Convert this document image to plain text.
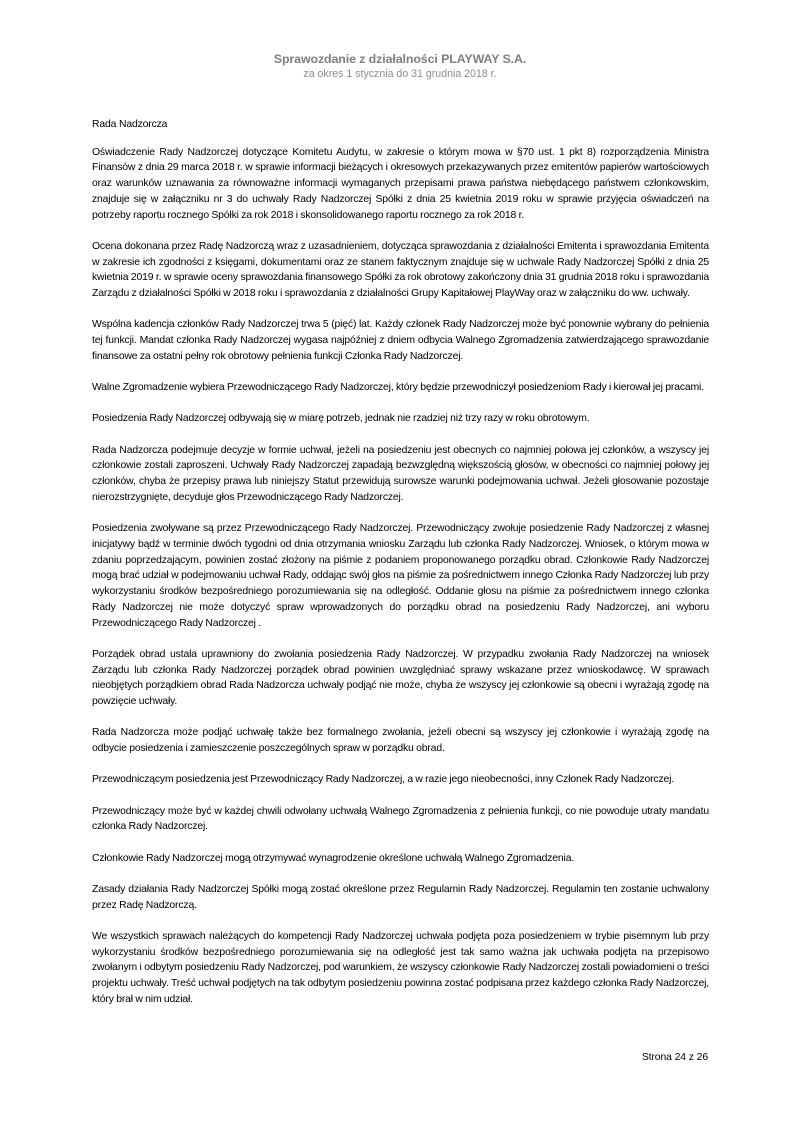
Sprawozdanie z działalności PLAYWAY S.A.
za okres 1 stycznia do 31 grudnia 2018 r.
Rada Nadzorcza

Oświadczenie Rady Nadzorczej dotyczące Komitetu Audytu, w zakresie o którym mowa w §70 ust. 1 pkt 8) rozporządzenia Ministra Finansów z dnia 29 marca 2018 r. w sprawie informacji bieżących i okresowych przekazywanych przez emitentów papierów wartościowych oraz warunków uznawania za równoważne informacji wymaganych przepisami prawa państwa niebędącego państwem członkowskim, znajduje się w załączniku nr 3 do uchwały Rady Nadzorczej Spółki z dnia 25 kwietnia 2019 roku w sprawie przyjęcia oświadczeń na potrzeby raportu rocznego Spółki za rok 2018 i skonsolidowanego raportu rocznego za rok 2018 r.

Ocena dokonana przez Radę Nadzorczą wraz z uzasadnieniem, dotycząca sprawozdania z działalności Emitenta i sprawozdania Emitenta w zakresie ich zgodności z księgami, dokumentami oraz ze stanem faktycznym znajduje się w uchwale Rady Nadzorczej Spółki z dnia 25 kwietnia 2019 r. w sprawie oceny sprawozdania finansowego Spółki za rok obrotowy zakończony dnia 31 grudnia 2018 roku i sprawozdania Zarządu z działalności Spółki w 2018 roku i sprawozdania z działalności Grupy Kapitałowej PlayWay oraz w załączniku do ww. uchwały.

Wspólna kadencja członków Rady Nadzorczej trwa 5 (pięć) lat. Każdy członek Rady Nadzorczej może być ponownie wybrany do pełnienia tej funkcji. Mandat członka Rady Nadzorczej wygasa najpóźniej z dniem odbycia Walnego Zgromadzenia zatwierdzającego sprawozdanie finansowe za ostatni pełny rok obrotowy pełnienia funkcji Członka Rady Nadzorczej.

Walne Zgromadzenie wybiera Przewodniczącego Rady Nadzorczej, który będzie przewodniczył posiedzeniom Rady i kierował jej pracami.

Posiedzenia Rady Nadzorczej odbywają się w miarę potrzeb, jednak nie rzadziej niż trzy razy w roku obrotowym.

Rada Nadzorcza podejmuje decyzje w formie uchwał, jeżeli na posiedzeniu jest obecnych co najmniej połowa jej członków, a wszyscy jej członkowie zostali zaproszeni. Uchwały Rady Nadzorczej zapadają bezwzględną większością głosów, w obecności co najmniej połowy jej członków, chyba że przepisy prawa lub niniejszy Statut przewidują surowsze warunki podejmowania uchwał. Jeżeli głosowanie pozostaje nierozstrzygnięte, decyduje głos Przewodniczącego Rady Nadzorczej.

Posiedzenia zwoływane są przez Przewodniczącego Rady Nadzorczej. Przewodniczący zwołuje posiedzenie Rady Nadzorczej z własnej inicjatywy bądź w terminie dwóch tygodni od dnia otrzymania wniosku Zarządu lub członka Rady Nadzorczej. Wniosek, o którym mowa w zdaniu poprzedzającym, powinien zostać złożony na piśmie z podaniem proponowanego porządku obrad. Członkowie Rady Nadzorczej mogą brać udział w podejmowaniu uchwał Rady, oddając swój głos na piśmie za pośrednictwem innego Członka Rady Nadzorczej lub przy wykorzystaniu środków bezpośredniego porozumiewania się na odległość. Oddanie głosu na piśmie za pośrednictwem innego członka Rady Nadzorczej nie może dotyczyć spraw wprowadzonych do porządku obrad na posiedzeniu Rady Nadzorczej, ani wyboru Przewodniczącego Rady Nadzorczej .

Porządek obrad ustala uprawniony do zwołania posiedzenia Rady Nadzorczej. W przypadku zwołania Rady Nadzorczej na wniosek Zarządu lub członka Rady Nadzorczej porządek obrad powinien uwzględniać sprawy wskazane przez wnioskodawcę. W sprawach nieobjętych porządkiem obrad Rada Nadzorcza uchwały podjąć nie może, chyba że wszyscy jej członkowie są obecni i wyrażają zgodę na powzięcie uchwały.

Rada Nadzorcza może podjąć uchwałę także bez formalnego zwołania, jeżeli obecni są wszyscy jej członkowie i wyrażają zgodę na odbycie posiedzenia i zamieszczenie poszczególnych spraw w porządku obrad.

Przewodniczącym posiedzenia jest Przewodniczący Rady Nadzorczej, a w razie jego nieobecności, inny Członek Rady Nadzorczej.

Przewodniczący może być w każdej chwili odwołany uchwałą Walnego Zgromadzenia z pełnienia funkcji, co nie powoduje utraty mandatu członka Rady Nadzorczej.

Członkowie Rady Nadzorczej mogą otrzymywać wynagrodzenie określone uchwałą Walnego Zgromadzenia.

Zasady działania Rady Nadzorczej Spółki mogą zostać określone przez Regulamin Rady Nadzorczej. Regulamin ten zostanie uchwalony przez Radę Nadzorczą.

We wszystkich sprawach należących do kompetencji Rady Nadzorczej uchwała podjęta poza posiedzeniem w trybie pisemnym lub przy wykorzystaniu środków bezpośredniego porozumiewania się na odległość jest tak samo ważna jak uchwała podjęta na przepisowo zwołanym i odbytym posiedzeniu Rady Nadzorczej, pod warunkiem, że wszyscy członkowie Rady Nadzorczej zostali powiadomieni o treści projektu uchwały. Treść uchwał podjętych na tak odbytym posiedzeniu powinna zostać podpisana przez każdego członka Rady Nadzorczej, który brał w nim udział.

Strona 24 z 26
